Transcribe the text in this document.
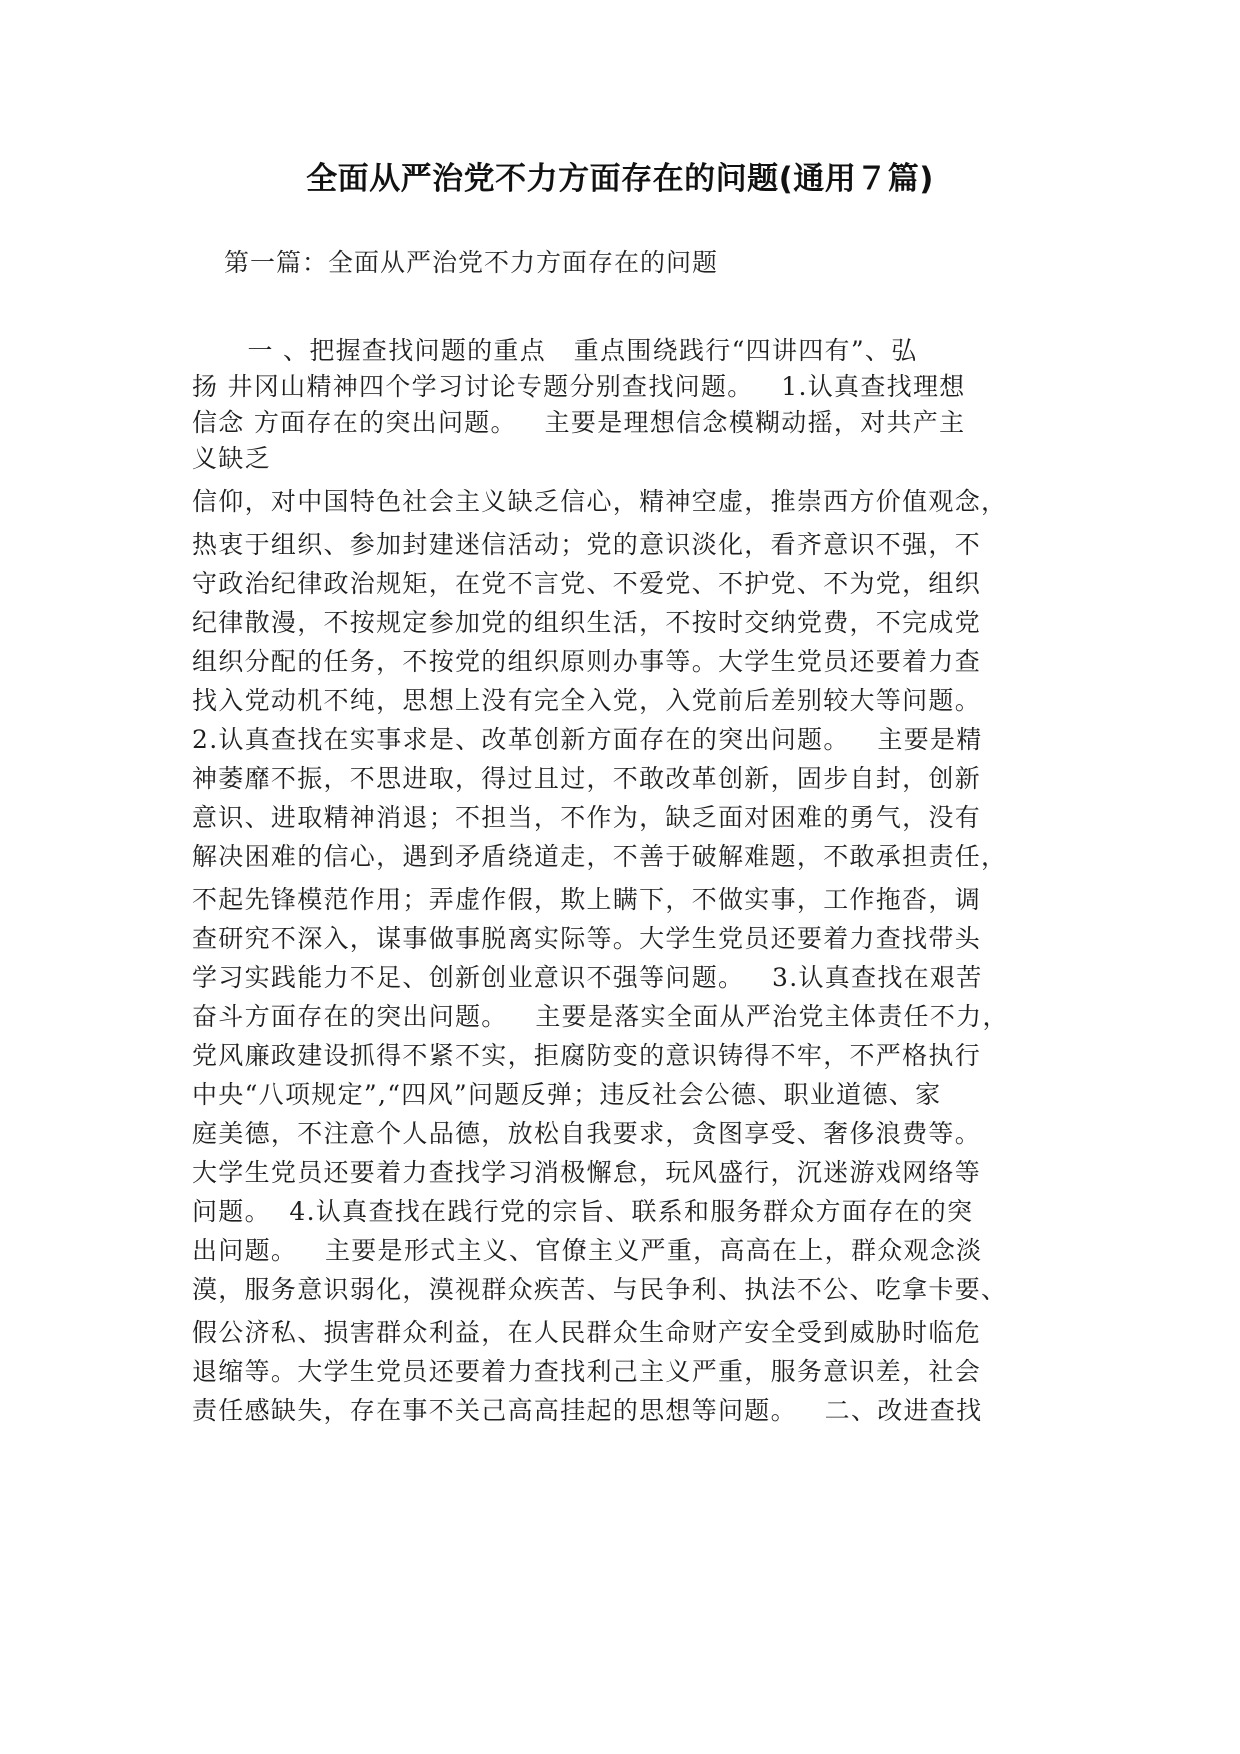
全面从严治党不力方面存在的问题(通用７篇)
第一篇：全面从严治党不力方面存在的问题
一 、把握查找问题的重点   重点围绕践行“四讲四有”、弘
扬 井冈山精神四个学习讨论专题分别查找问题。   1.认真查找理想
信念 方面存在的突出问题。   主要是理想信念模糊动摇，对共产主
义缺乏
信仰，对中国特色社会主义缺乏信心，精神空虚，推崇西方价值观念，
热衷于组织、参加封建迷信活动；党的意识淡化，看齐意识不强，不
守政治纪律政治规矩，在党不言党、不爱党、不护党、不为党，组织
纪律散漫，不按规定参加党的组织生活，不按时交纳党费，不完成党
组织分配的任务，不按党的组织原则办事等。大学生党员还要着力查
找入党动机不纯，思想上没有完全入党，入党前后差别较大等问题。
2.认真查找在实事求是、改革创新方面存在的突出问题。   主要是精
神萎靡不振，不思进取，得过且过，不敢改革创新，固步自封，创新
意识、进取精神消退；不担当，不作为，缺乏面对困难的勇气，没有
解决困难的信心，遇到矛盾绕道走，不善于破解难题，不敢承担责任，
不起先锋模范作用；弄虚作假，欺上瞒下，不做实事，工作拖沓，调
查研究不深入，谋事做事脱离实际等。大学生党员还要着力查找带头
学习实践能力不足、创新创业意识不强等问题。   3.认真查找在艰苦
奋斗方面存在的突出问题。   主要是落实全面从严治党主体责任不力，
党风廉政建设抓得不紧不实，拒腐防变的意识铸得不牢，不严格执行
中央“八项规定”,“四风”问题反弹；违反社会公德、职业道德、家
庭美德，不注意个人品德，放松自我要求，贪图享受、奢侈浪费等。
大学生党员还要着力查找学习消极懈怠，玩风盛行，沉迷游戏网络等
问题。  4.认真查找在践行党的宗旨、联系和服务群众方面存在的突
出问题。   主要是形式主义、官僚主义严重，高高在上，群众观念淡
漠，服务意识弱化，漠视群众疾苦、与民争利、执法不公、吃拿卡要、
假公济私、损害群众利益，在人民群众生命财产安全受到威胁时临危
退缩等。大学生党员还要着力查找利己主义严重，服务意识差，社会
责任感缺失，存在事不关己高高挂起的思想等问题。   二、改进查找
